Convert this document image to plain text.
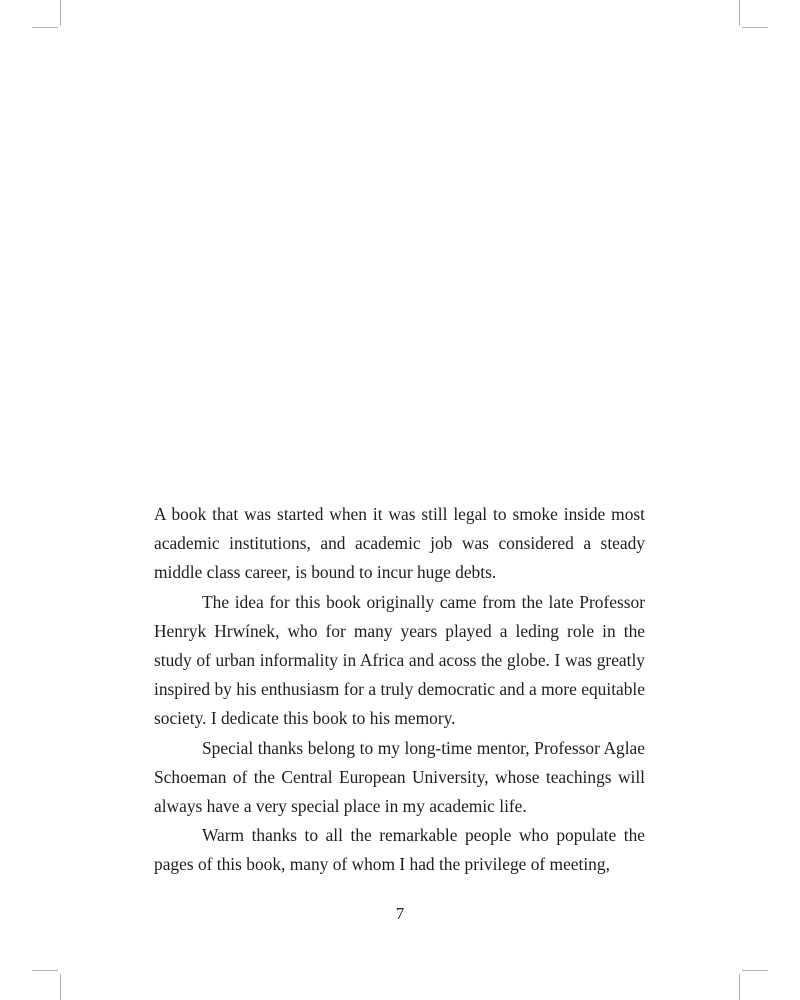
A book that was started when it was still legal to smoke inside most academic institutions, and academic job was considered a steady middle class career, is bound to incur huge debts.

The idea for this book originally came from the late Professor Henryk Hrwínek, who for many years played a leding role in the study of urban informality in Africa and acoss the globe. I was greatly inspired by his enthusiasm for a truly democratic and a more equitable society. I dedicate this book to his memory.

Special thanks belong to my long-time mentor, Professor Aglae Schoeman of the Central European University, whose teachings will always have a very special place in my academic life.

Warm thanks to all the remarkable people who populate the pages of this book, many of whom I had the privilege of meeting,

7
